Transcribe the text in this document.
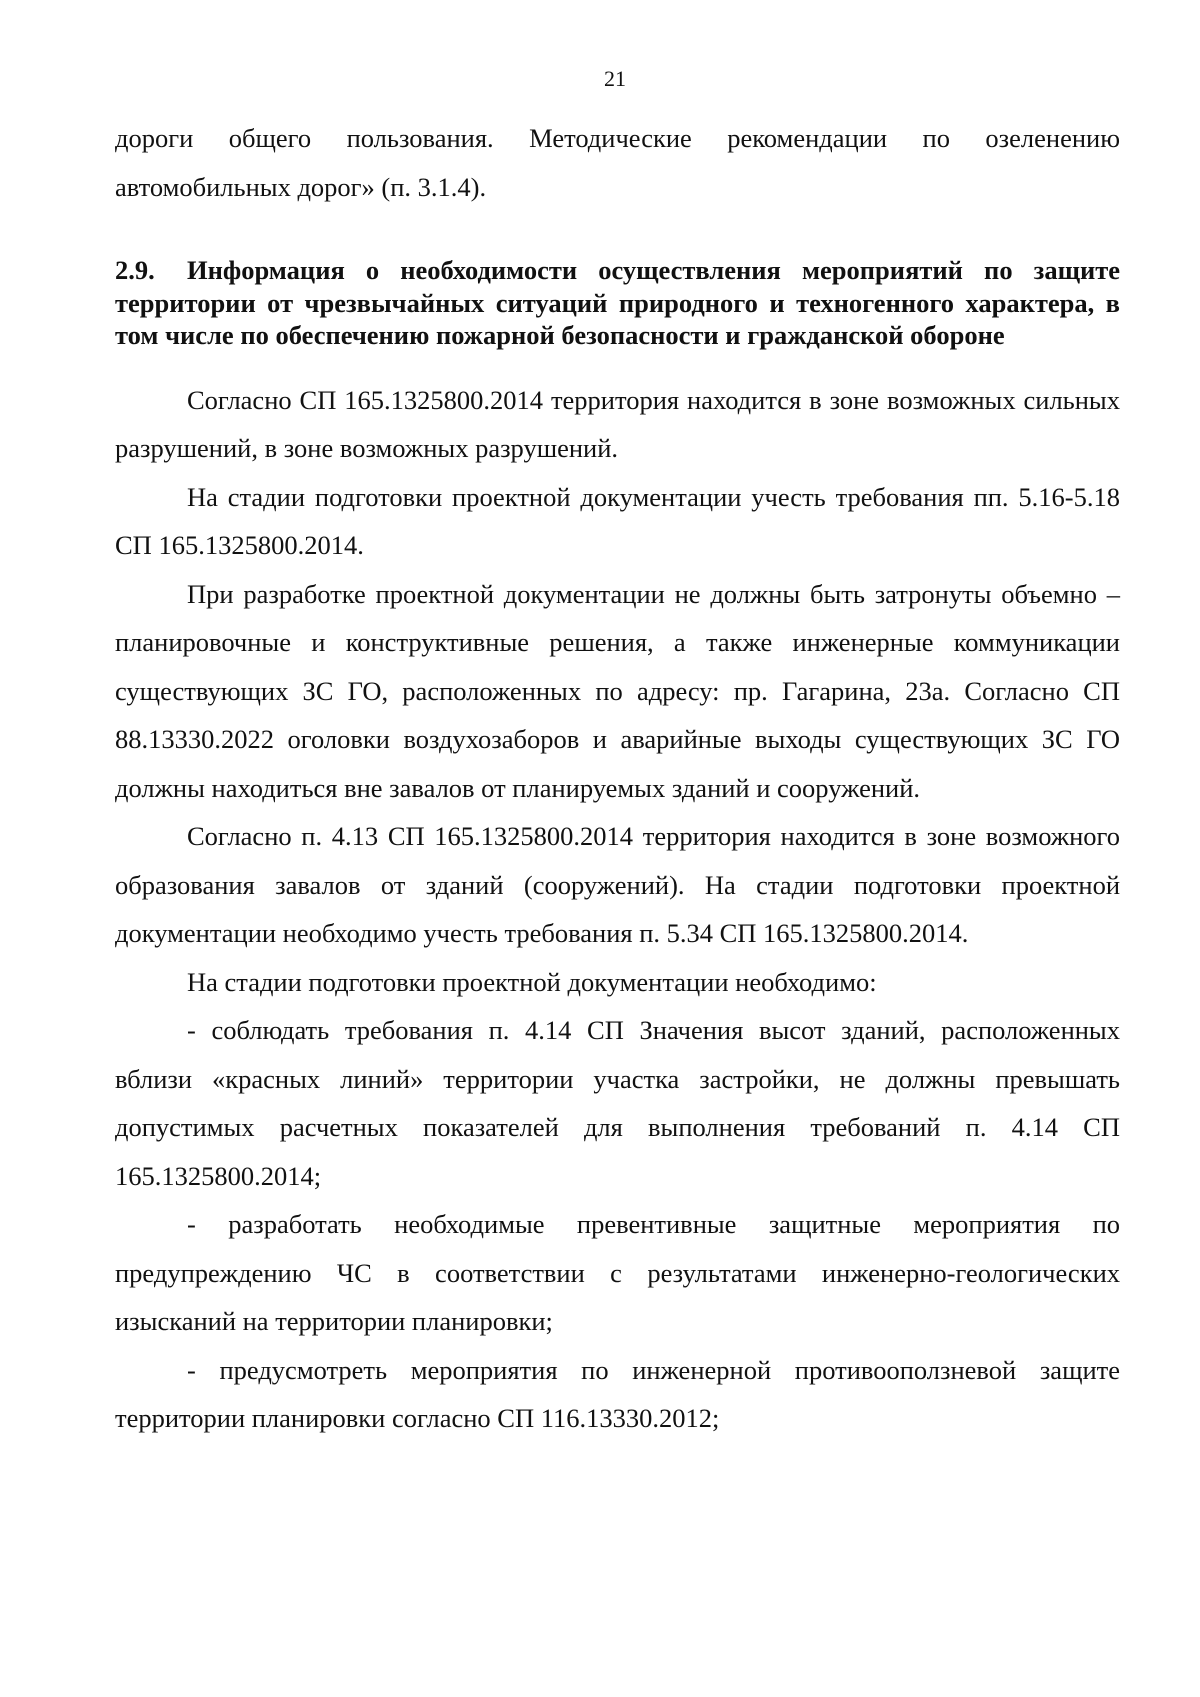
21

дороги общего пользования. Методические рекомендации по озеленению автомобильных дорог» (п. 3.1.4).

2.9. Информация о необходимости осуществления мероприятий по защите территории от чрезвычайных ситуаций природного и техногенного характера, в том числе по обеспечению пожарной безопасности и гражданской обороне

Согласно СП 165.1325800.2014 территория находится в зоне возможных сильных разрушений, в зоне возможных разрушений.

На стадии подготовки проектной документации учесть требования пп. 5.16-5.18 СП 165.1325800.2014.

При разработке проектной документации не должны быть затронуты объемно – планировочные и конструктивные решения, а также инженерные коммуникации существующих ЗС ГО, расположенных по адресу: пр. Гагарина, 23а. Согласно СП 88.13330.2022 оголовки воздухозаборов и аварийные выходы существующих ЗС ГО должны находиться вне завалов от планируемых зданий и сооружений.

Согласно п. 4.13 СП 165.1325800.2014 территория находится в зоне возможного образования завалов от зданий (сооружений). На стадии подготовки проектной документации необходимо учесть требования п. 5.34 СП 165.1325800.2014.

На стадии подготовки проектной документации необходимо:

- соблюдать требования п. 4.14 СП Значения высот зданий, расположенных вблизи «красных линий» территории участка застройки, не должны превышать допустимых расчетных показателей для выполнения требований п. 4.14 СП 165.1325800.2014;

- разработать необходимые превентивные защитные мероприятия по предупреждению ЧС в соответствии с результатами инженерно-геологических изысканий на территории планировки;

- предусмотреть мероприятия по инженерной противооползневой защите территории планировки согласно СП 116.13330.2012;
